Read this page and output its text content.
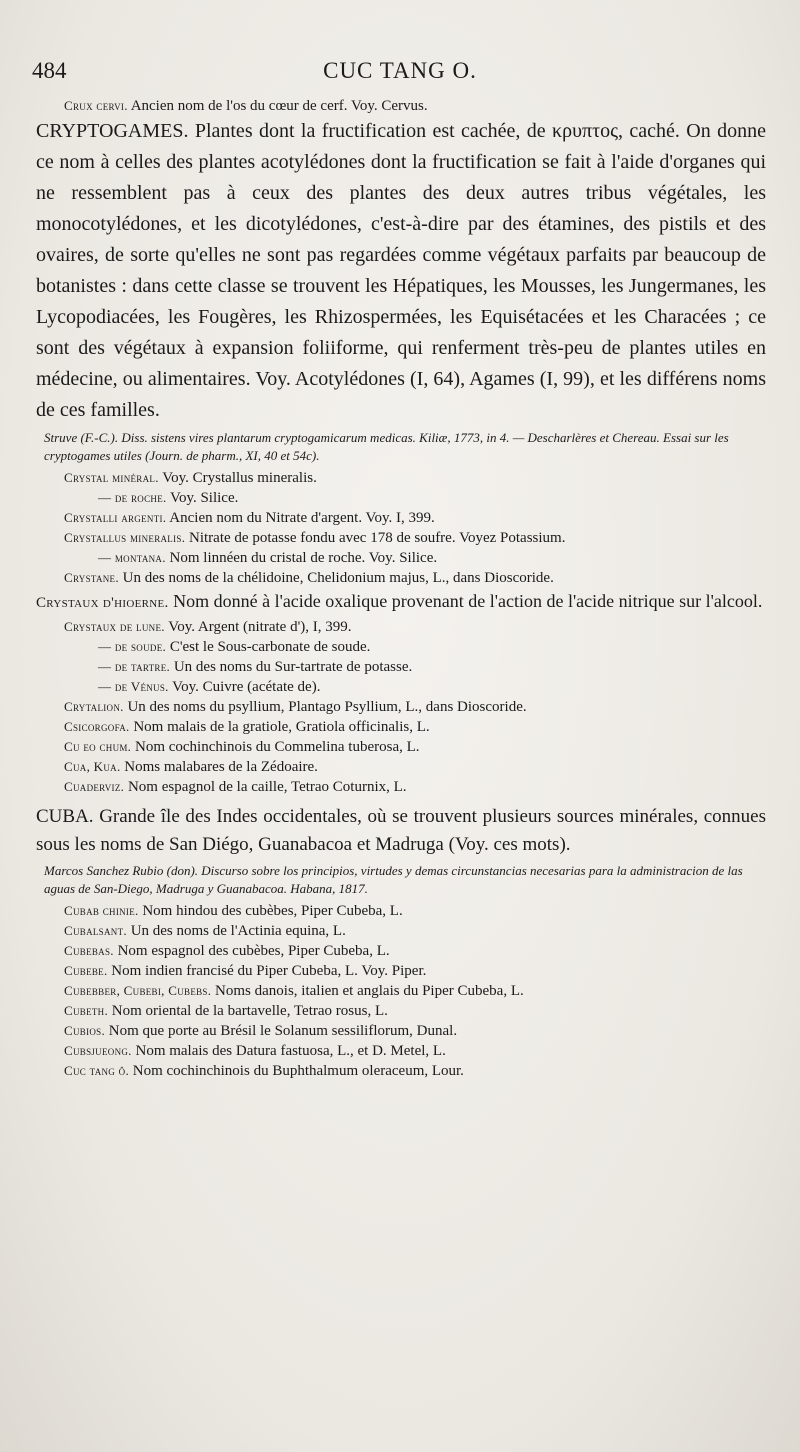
484	CUC TANG O.

Crux cervi. Ancien nom de l'os du cœur de cerf. Voy. Cervus.

CRYPTOGAMES. Plantes dont la fructification est cachée, de κρυπτος, caché. On donne ce nom à celles des plantes acotylédones dont la fructification se fait à l'aide d'organes qui ne ressemblent pas à ceux des plantes des deux autres tribus végétales, les monocotylédones, et les dicotylédones, c'est-à-dire par des étamines, des pistils et des ovaires, de sorte qu'elles ne sont pas regardées comme végétaux parfaits par beaucoup de botanistes : dans cette classe se trouvent les Hépatiques, les Mousses, les Jungermanes, les Lycopodiacées, les Fougères, les Rhizospermées, les Equisétacées et les Characées ; ce sont des végétaux à expansion foliiforme, qui renferment très-peu de plantes utiles en médecine, ou alimentaires. Voy. Acotylédones (I, 64), Agames (I, 99), et les différens noms de ces familles.

Struve (F.-C.). Diss. sistens vires plantarum cryptogamicarum medicas. Kiliæ, 1773, in 4. — Descharlères et Chereau. Essai sur les cryptogames utiles (Journ. de pharm., XI, 40 et 54c).

Crystal minéral. Voy. Crystallus mineralis.

— de roche. Voy. Silice.

Crystalli argenti. Ancien nom du Nitrate d'argent. Voy. I, 399.

Crystallus mineralis. Nitrate de potasse fondu avec 178 de soufre. Voyez Potassium.

— montana. Nom linnéen du cristal de roche. Voy. Silice.

Crystane. Un des noms de la chélidoine, Chelidonium majus, L., dans Dioscoride.

Crystaux d'hioerne. Nom donné à l'acide oxalique provenant de l'action de l'acide nitrique sur l'alcool.

Crystaux de lune. Voy. Argent (nitrate d'), I, 399.

— de soude. C'est le Sous-carbonate de soude.

— de tartre. Un des noms du Sur-tartrate de potasse.

— de Vénus. Voy. Cuivre (acétate de).

Crytalion. Un des noms du psyllium, Plantago Psyllium, L., dans Dioscoride.

Csicorgofa. Nom malais de la gratiole, Gratiola officinalis, L.

Cu eo chum. Nom cochinchinois du Commelina tuberosa, L.

Cua, Kua. Noms malabares de la Zédoaire.

Cuaderviz. Nom espagnol de la caille, Tetrao Coturnix, L.

CUBA. Grande île des Indes occidentales, où se trouvent plusieurs sources minérales, connues sous les noms de San Diégo, Guanabacoa et Madruga (Voy. ces mots).

Marcos Sanchez Rubio (don). Discurso sobre los principios, virtudes y demas circunstancias necesarias para la administracion de las aguas de San-Diego, Madruga y Guanabacoa. Habana, 1817.

Cubab chinie. Nom hindou des cubèbes, Piper Cubeba, L.

Cubalsant. Un des noms de l'Actinia equina, L.

Cubebas. Nom espagnol des cubèbes, Piper Cubeba, L.

Cubebe. Nom indien francisé du Piper Cubeba, L. Voy. Piper.

Cubebber, Cubebi, Cubebs. Noms danois, italien et anglais du Piper Cubeba, L.

Cubeth. Nom oriental de la bartavelle, Tetrao rosus, L.

Cubios. Nom que porte au Brésil le Solanum sessiliflorum, Dunal.

Cubsjueong. Nom malais des Datura fastuosa, L., et D. Metel, L.

Cuc tang ô. Nom cochinchinois du Buphthalmum oleraceum, Lour.
